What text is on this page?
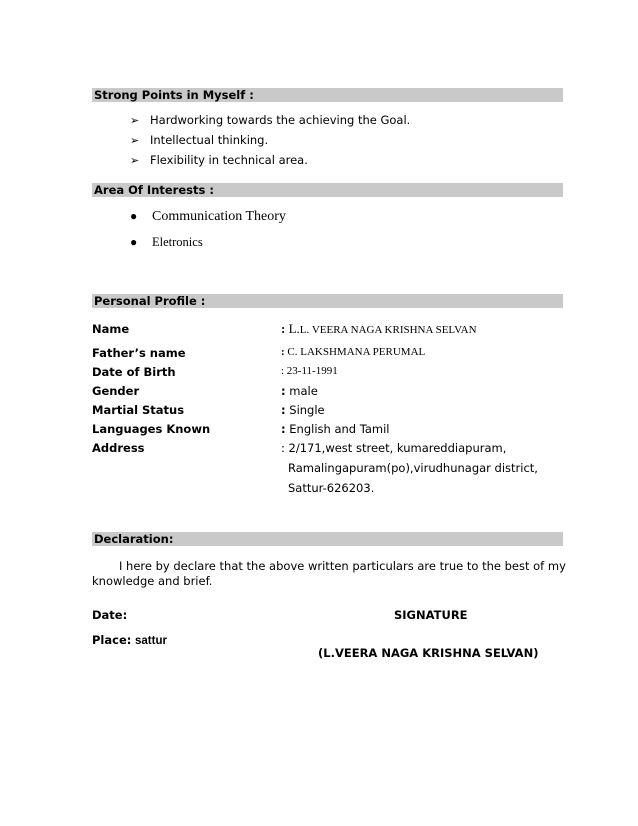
Strong Points in Myself :
➢ Hardworking towards the achieving the Goal.
➢ Intellectual thinking.
➢ Flexibility in technical area.
Area Of Interests :
● Communication Theory
● Eletronics
Personal Profile :
Name	: L.L. VEERA NAGA KRISHNA SELVAN
Father’s name	: C. LAKSHMANA PERUMAL
Date of Birth	: 23-11-1991
Gender	: male
Martial Status	: Single
Languages Known	: English and Tamil
Address	: 2/171,west street, kumareddiapuram,
Ramalingapuram(po),virudhunagar district,
Sattur-626203.
Declaration:
I here by declare that the above written particulars are true to the best of my
knowledge and brief.
Date:	SIGNATURE
Place: sattur
(L.VEERA NAGA KRISHNA SELVAN)
